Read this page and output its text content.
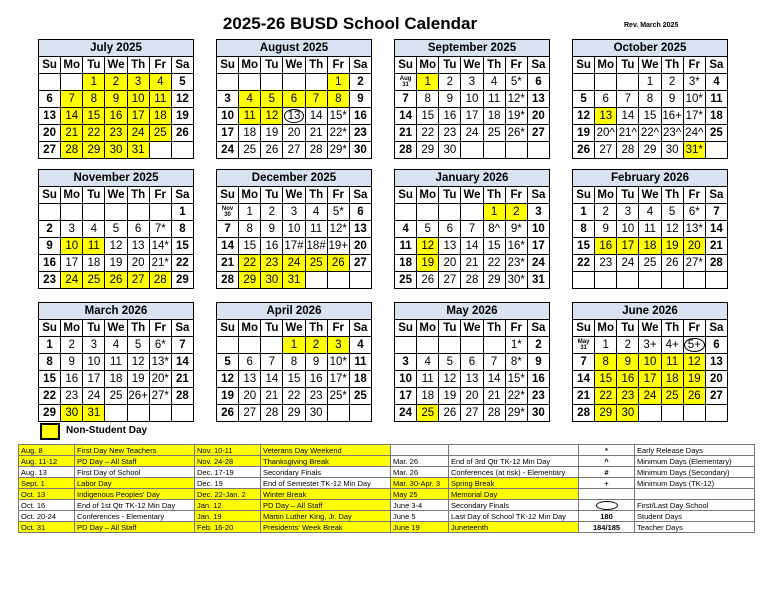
2025-26 BUSD School Calendar	Rev. March 2025
July 2025						
Su	Mo	Tu	We	Th	Fr	Sa
		1	2	3	4	5
6	7	8	9	10	11	12
13	14	15	16	17	18	19
20	21	22	23	24	25	26
27	28	29	30	31		
August 2025						
Su	Mo	Tu	We	Th	Fr	Sa
					1	2
3	4	5	6	7	8	9
10	11	12	13	14	15*	16
17	18	19	20	21	22*	23
24	25	26	27	28	29*	30
September 2025						
Su	Mo	Tu	We	Th	Fr	Sa

Aug
31	1	2	3	4	5*	6
7	8	9	10	11	12*	13
14	15	16	17	18	19*	20
21	22	23	24	25	26*	27
28	29	30				
October 2025						
Su	Mo	Tu	We	Th	Fr	Sa
			1	2	3*	4
5	6	7	8	9	10*	11
12	13	14	15	16+	17*	18
19	20^	21^	22^	23^	24^	25
26	27	28	29	30	31*	
November 2025						
Su	Mo	Tu	We	Th	Fr	Sa
						1
2	3	4	5	6	7*	8
9	10	11	12	13	14*	15
16	17	18	19	20	21*	22
23	24	25	26	27	28	29
December 2025						
Su	Mo	Tu	We	Th	Fr	Sa

Nov
30	1	2	3	4	5*	6
7	8	9	10	11	12*	13
14	15	16	17#	18#	19+	20
21	22	23	24	25	26	27
28	29	30	31			
January 2026						
Su	Mo	Tu	We	Th	Fr	Sa
				1	2	3
4	5	6	7	8^	9*	10
11	12	13	14	15	16*	17
18	19	20	21	22	23*	24
25	26	27	28	29	30*	31
February 2026						
Su	Mo	Tu	We	Th	Fr	Sa
1	2	3	4	5	6*	7
8	9	10	11	12	13*	14
15	16	17	18	19	20	21
22	23	24	25	26	27*	28

March 2026						
Su	Mo	Tu	We	Th	Fr	Sa
1	2	3	4	5	6*	7
8	9	10	11	12	13*	14
15	16	17	18	19	20*	21
22	23	24	25	26+	27*	28
29	30	31				
April 2026						
Su	Mo	Tu	We	Th	Fr	Sa
			1	2	3	4
5	6	7	8	9	10*	11
12	13	14	15	16	17*	18
19	20	21	22	23	25*	25
26	27	28	29	30		
May 2026						
Su	Mo	Tu	We	Th	Fr	Sa
					1*	2
3	4	5	6	7	8*	9
10	11	12	13	14	15*	16
17	18	19	20	21	22*	23
24	25	26	27	28	29*	30
June 2026						
Su	Mo	Tu	We	Th	Fr	Sa

May
31	1	2	3+	4+	5+	6
7	8	9	10	11	12	13
14	15	16	17	18	19	20
21	22	23	24	25	26	27
28	29	30				
Non-Student Day
Aug. 8	First Day New Teachers	Nov. 10-11	Veterans Day Weekend			*	Early Release Days
Aug. 11-12	PD Day – All Staff	Nov. 24-28	Thanksgiving Break	Mar. 26	End of 3rd Qtr TK-12 Min Day	^	Minimum Days (Elementary)
Aug. 13	First Day of School	Dec. 17-19	Secondary Finals	Mar. 26	Conferences (at risk) - Elementary	#	Minimum Days (Secondary)
Sept. 1	Labor Day	Dec. 19	End of Semester TK-12 Min Day	Mar. 30-Apr. 3	Spring Break	+	Minimum Days (TK-12)
Oct. 13	Indigenous Peoples' Day	Dec. 22-Jan. 2	Winter Break	May 25	Memorial Day		
Oct. 16	End of 1st Qtr TK-12 Min Day	Jan. 12	PD Day – All Staff	June 3-4	Secondary Finals		First/Last Day School
Oct. 20-24	Conferences - Elementary	Jan. 19	Martin Luther King, Jr. Day	June 5	Last Day of School TK-12 Min Day	180	Student Days
Oct. 31	PD Day – All Staff	Feb. 16-20	Presidents' Week Break	June 19	Juneteenth	184/185	Teacher Days
